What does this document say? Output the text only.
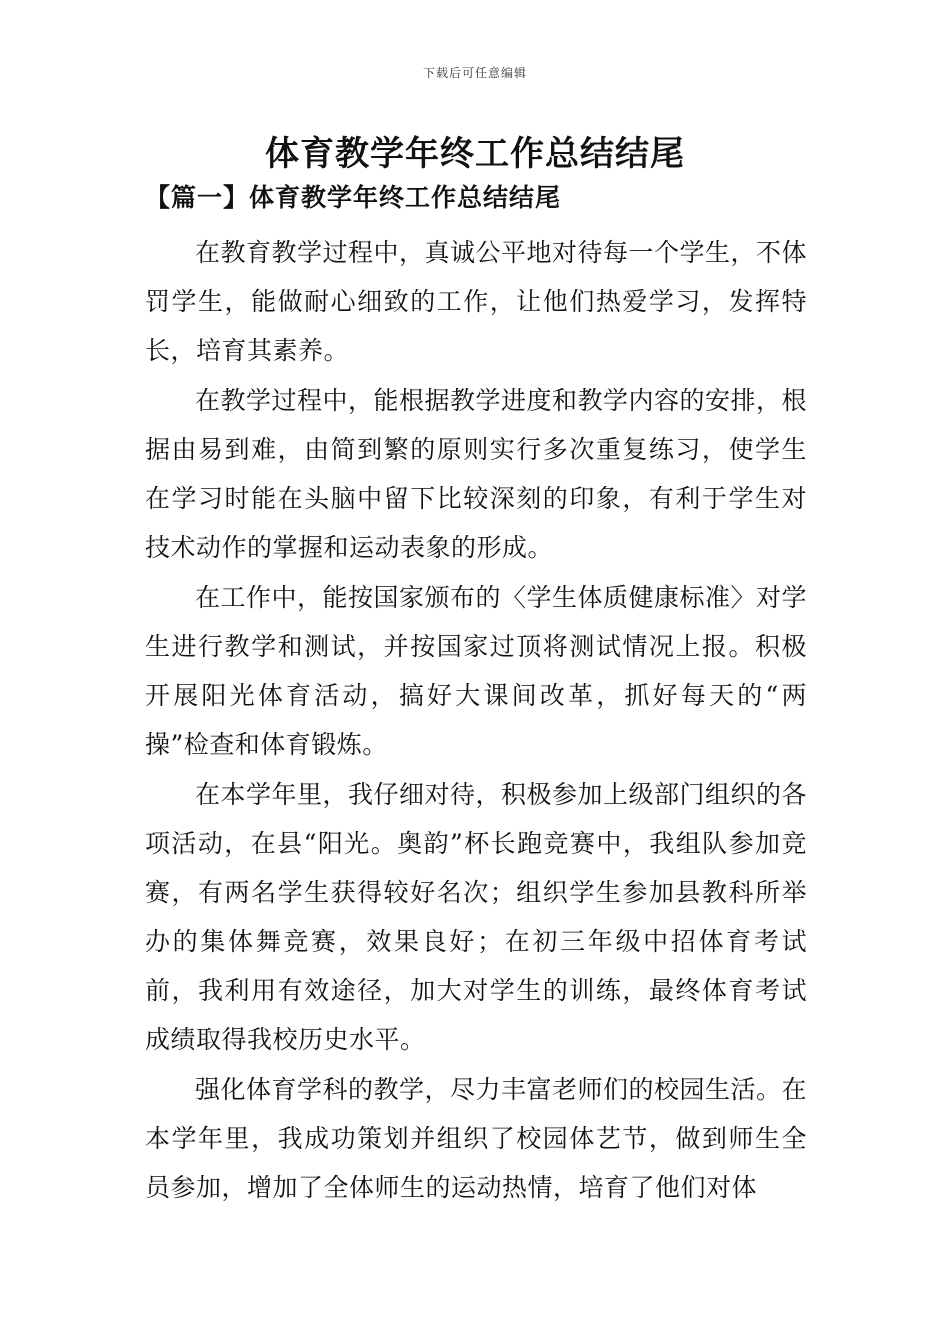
下载后可任意编辑
体育教学年终工作总结结尾
【篇一】体育教学年终工作总结结尾

在教育教学过程中，真诚公平地对待每一个学生，不体罚学生，能做耐心细致的工作，让他们热爱学习，发挥特长，培育其素养。

在教学过程中，能根据教学进度和教学内容的安排，根据由易到难，由简到繁的原则实行多次重复练习，使学生在学习时能在头脑中留下比较深刻的印象，有利于学生对技术动作的掌握和运动表象的形成。

在工作中，能按国家颁布的〈学生体质健康标准〉对学生进行教学和测试，并按国家过顶将测试情况上报。积极开展阳光体育活动，搞好大课间改革，抓好每天的“两操”检查和体育锻炼。

在本学年里，我仔细对待，积极参加上级部门组织的各项活动，在县“阳光。奥韵”杯长跑竞赛中，我组队参加竞赛，有两名学生获得较好名次；组织学生参加县教科所举办的集体舞竞赛，效果良好；在初三年级中招体育考试前，我利用有效途径，加大对学生的训练，最终体育考试成绩取得我校历史水平。

强化体育学科的教学，尽力丰富老师们的校园生活。在本学年里，我成功策划并组织了校园体艺节，做到师生全员参加，增加了全体师生的运动热情，培育了他们对体
